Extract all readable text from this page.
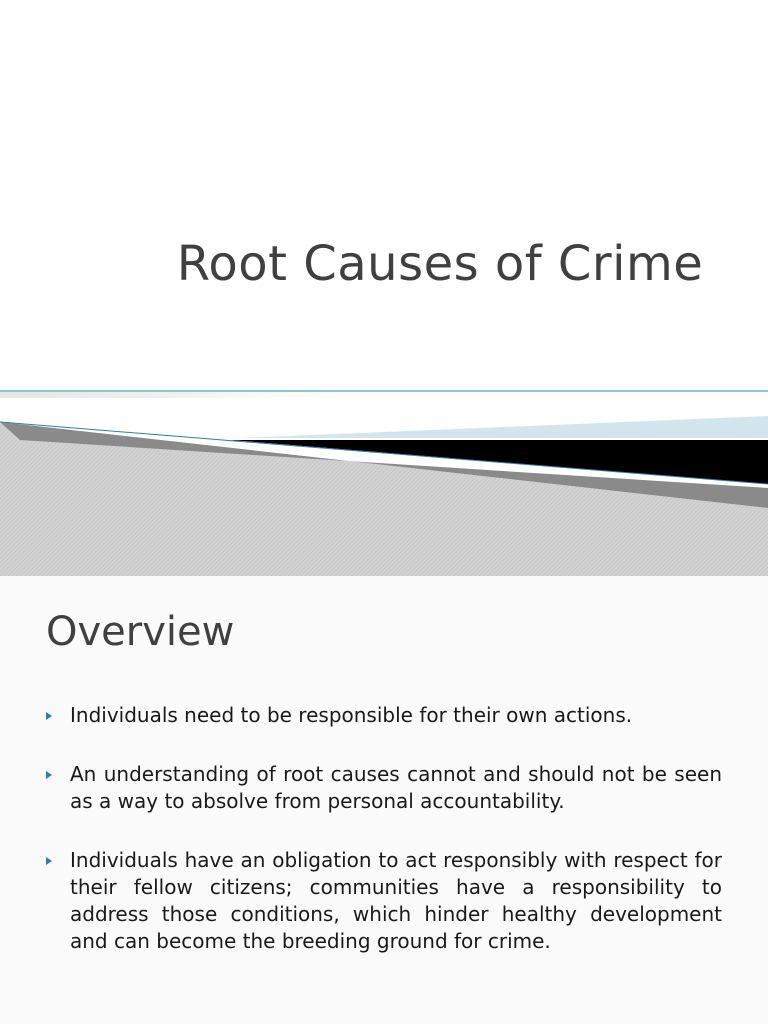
Root Causes of Crime
Overview
Individuals need to be responsible for their own actions.
An understanding of root causes cannot and should not be seen as a way to absolve from personal accountability.
Individuals have an obligation to act responsibly with respect for their fellow citizens; communities have a responsibility to address those conditions, which hinder healthy development and can become the breeding ground for crime.
